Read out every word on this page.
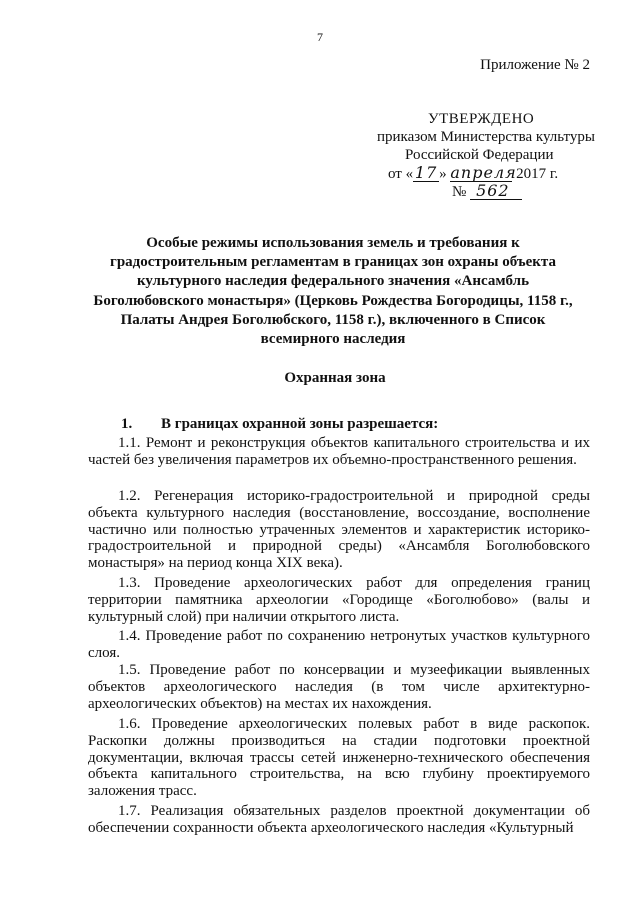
7
Приложение № 2
УТВЕРЖДЕНО
приказом Министерства культуры
Российской Федерации
от « 17 » апреля 2017 г.
№ 562
Особые режимы использования земель и требования к градостроительным регламентам в границах зон охраны объекта культурного наследия федерального значения «Ансамбль Боголюбовского монастыря» (Церковь Рождества Богородицы, 1158 г., Палаты Андрея Боголюбского, 1158 г.), включенного в Список всемирного наследия
Охранная зона
1. В границах охранной зоны разрешается:

1.1. Ремонт и реконструкция объектов капитального строительства и их частей без увеличения параметров их объемно-пространственного решения.

1.2. Регенерация историко-градостроительной и природной среды объекта культурного наследия (восстановление, воссоздание, восполнение частично или полностью утраченных элементов и характеристик историко-градостроительной и природной среды) «Ансамбля Боголюбовского монастыря» на период конца XIX века).

1.3. Проведение археологических работ для определения границ территории памятника археологии «Городище «Боголюбово» (валы и культурный слой) при наличии открытого листа.

1.4. Проведение работ по сохранению нетронутых участков культурного слоя.

1.5. Проведение работ по консервации и музеефикации выявленных объектов археологического наследия (в том числе архитектурно-археологических объектов) на местах их нахождения.

1.6. Проведение археологических полевых работ в виде раскопок. Раскопки должны производиться на стадии подготовки проектной документации, включая трассы сетей инженерно-технического обеспечения объекта капитального строительства, на всю глубину проектируемого заложения трасс.

1.7. Реализация обязательных разделов проектной документации об обеспечении сохранности объекта археологического наследия «Культурный
